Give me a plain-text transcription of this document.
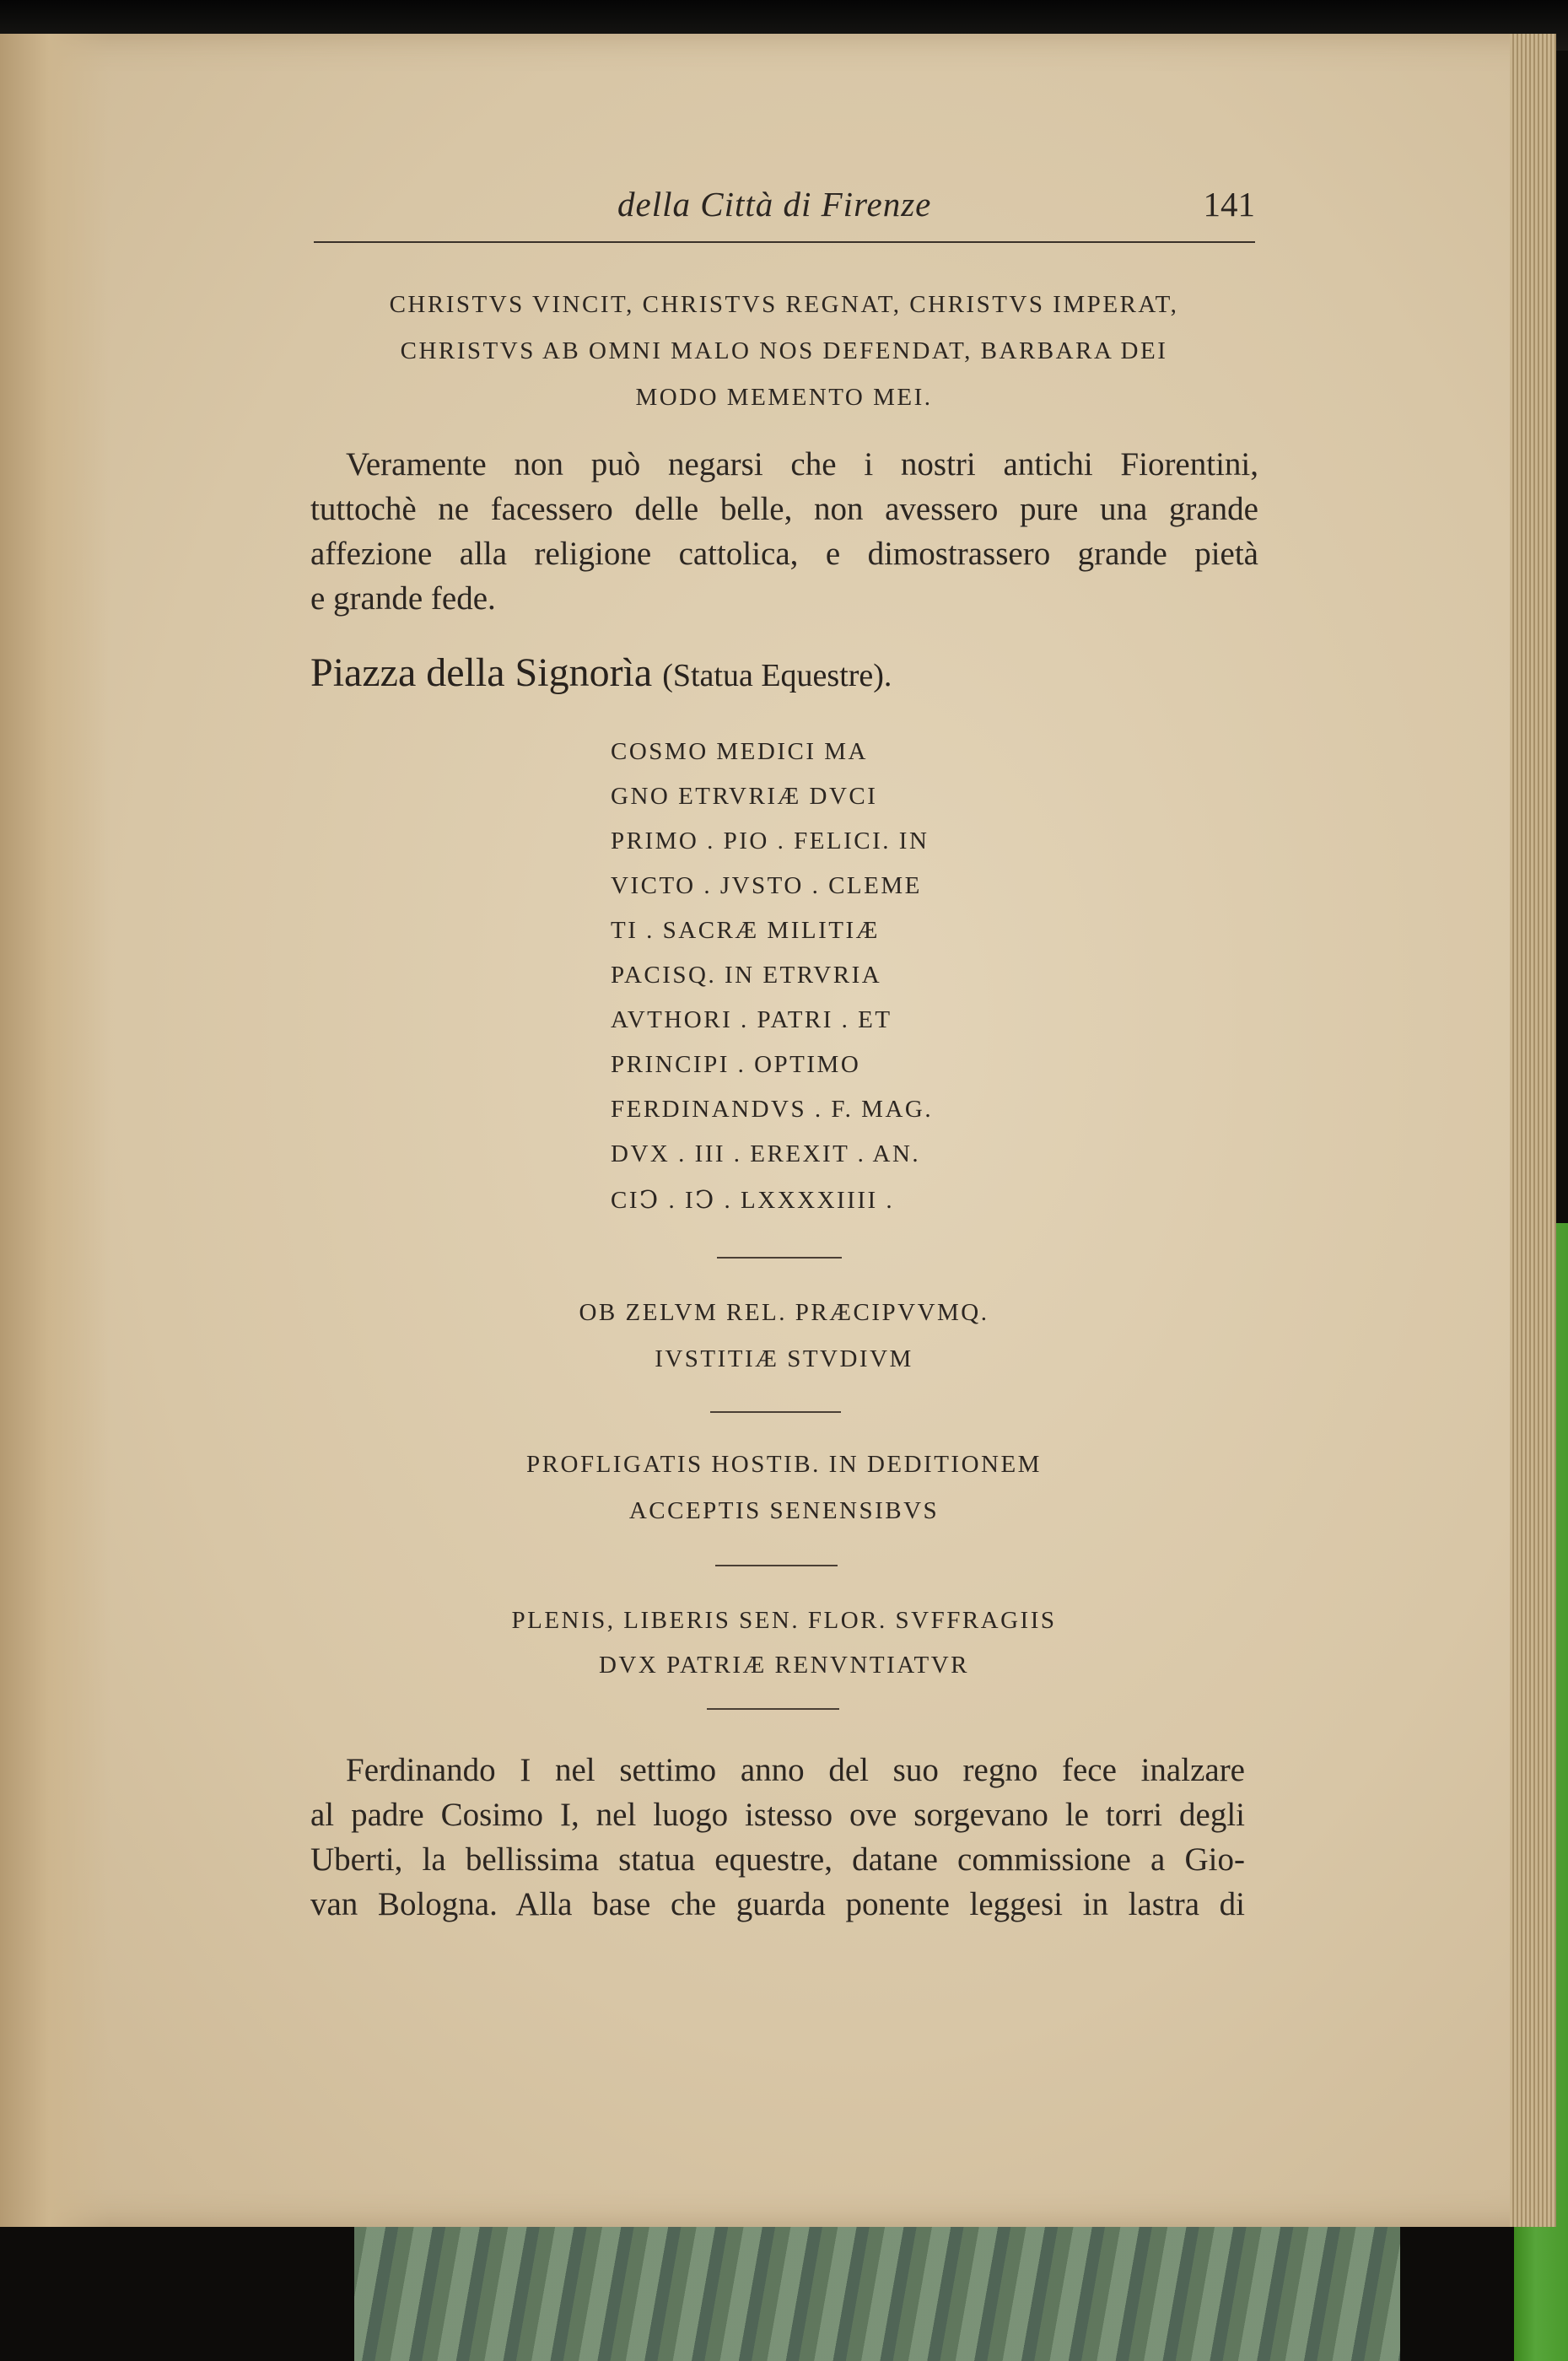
della Città di Firenze	141
CHRISTVS VINCIT, CHRISTVS REGNAT, CHRISTVS IMPERAT,
CHRISTVS AB OMNI MALO NOS DEFENDAT, BARBARA DEI
MODO MEMENTO MEI.
Veramente non può negarsi che i nostri antichi Fiorentini,
tuttochè ne facessero delle belle, non avessero pure una grande
affezione alla religione cattolica, e dimostrassero grande pietà
e grande fede.
Piazza della Signorìa (Statua Equestre).
COSMO MEDICI MA
GNO ETRVRIÆ DVCI
PRIMO . PIO . FELICI. IN
VICTO . JVSTO . CLEME
TI . SACRÆ MILITIÆ
PACISQ. IN ETRVRIA
AVTHORI . PATRI . ET
PRINCIPI . OPTIMO
FERDINANDVS . F. MAG.
DVX . III . EREXIT . AN.
CIↃ . IↃ . LXXXXIIII .
OB ZELVM REL. PRÆCIPVVMQ.
IVSTITIÆ STVDIVM
PROFLIGATIS HOSTIB. IN DEDITIONEM
ACCEPTIS SENENSIBVS
PLENIS, LIBERIS SEN. FLOR. SVFFRAGIIS
DVX PATRIÆ RENVNTIATVR
Ferdinando I nel settimo anno del suo regno fece inalzare
al padre Cosimo I, nel luogo istesso ove sorgevano le torri degli
Uberti, la bellissima statua equestre, datane commissione a Gio-
van Bologna. Alla base che guarda ponente leggesi in lastra di
